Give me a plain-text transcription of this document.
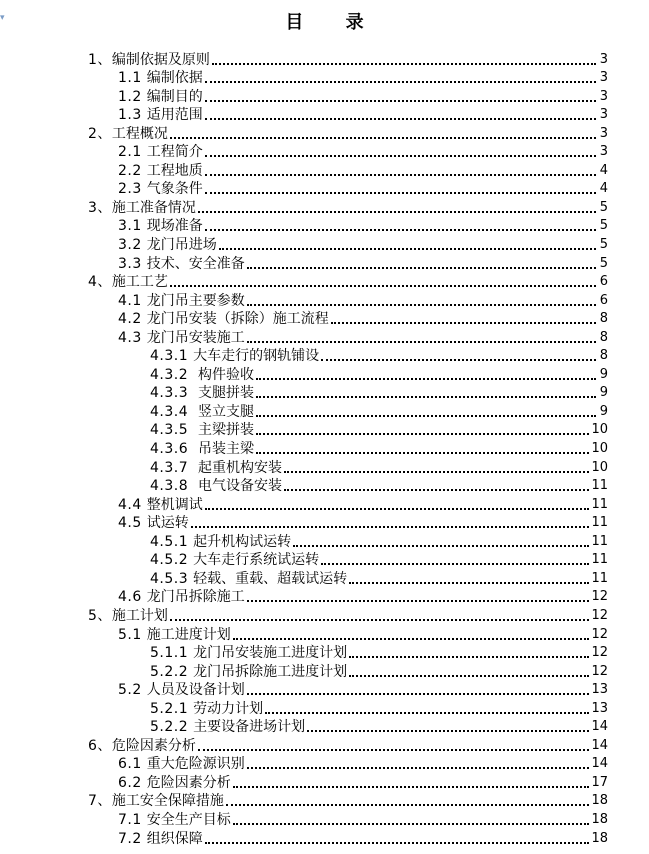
▾	目 录
1、 编制依据及原则	3
1.1 编制依据	3
1.2 编制目的	3
1.3 适用范围	3
2、 工程概况	3
2.1 工程简介	3
2.2 工程地质	4
2.3 气象条件	4
3、 施工准备情况	5
3.1 现场准备	5
3.2 龙门吊进场	5
3.3 技术、安全准备	5
4、 施工工艺	6
4.1 龙门吊主要参数	6
4.2 龙门吊安装（拆除）施工流程	8
4.3 龙门吊安装施工	8
4.3.1 大车走行的钢轨铺设	8
4.3.2 构件验收	9
4.3.3 支腿拼装	9
4.3.4 竖立支腿	9
4.3.5 主梁拼装	10
4.3.6 吊装主梁	10
4.3.7 起重机构安装	10
4.3.8 电气设备安装	11
4.4 整机调试	11
4.5 试运转	11
4.5.1 起升机构试运转	11
4.5.2 大车走行系统试运转	11
4.5.3 轻载、重载、超载试运转	11
4.6 龙门吊拆除施工	12
5、 施工计划	12
5.1 施工进度计划	12
5.1.1 龙门吊安装施工进度计划	12
5.2.2 龙门吊拆除施工进度计划	12
5.2 人员及设备计划	13
5.2.1 劳动力计划	13
5.2.2 主要设备进场计划	14
6、 危险因素分析	14
6.1 重大危险源识别	14
6.2 危险因素分析	17
7、 施工安全保障措施	18
7.1 安全生产目标	18
7.2 组织保障	18
